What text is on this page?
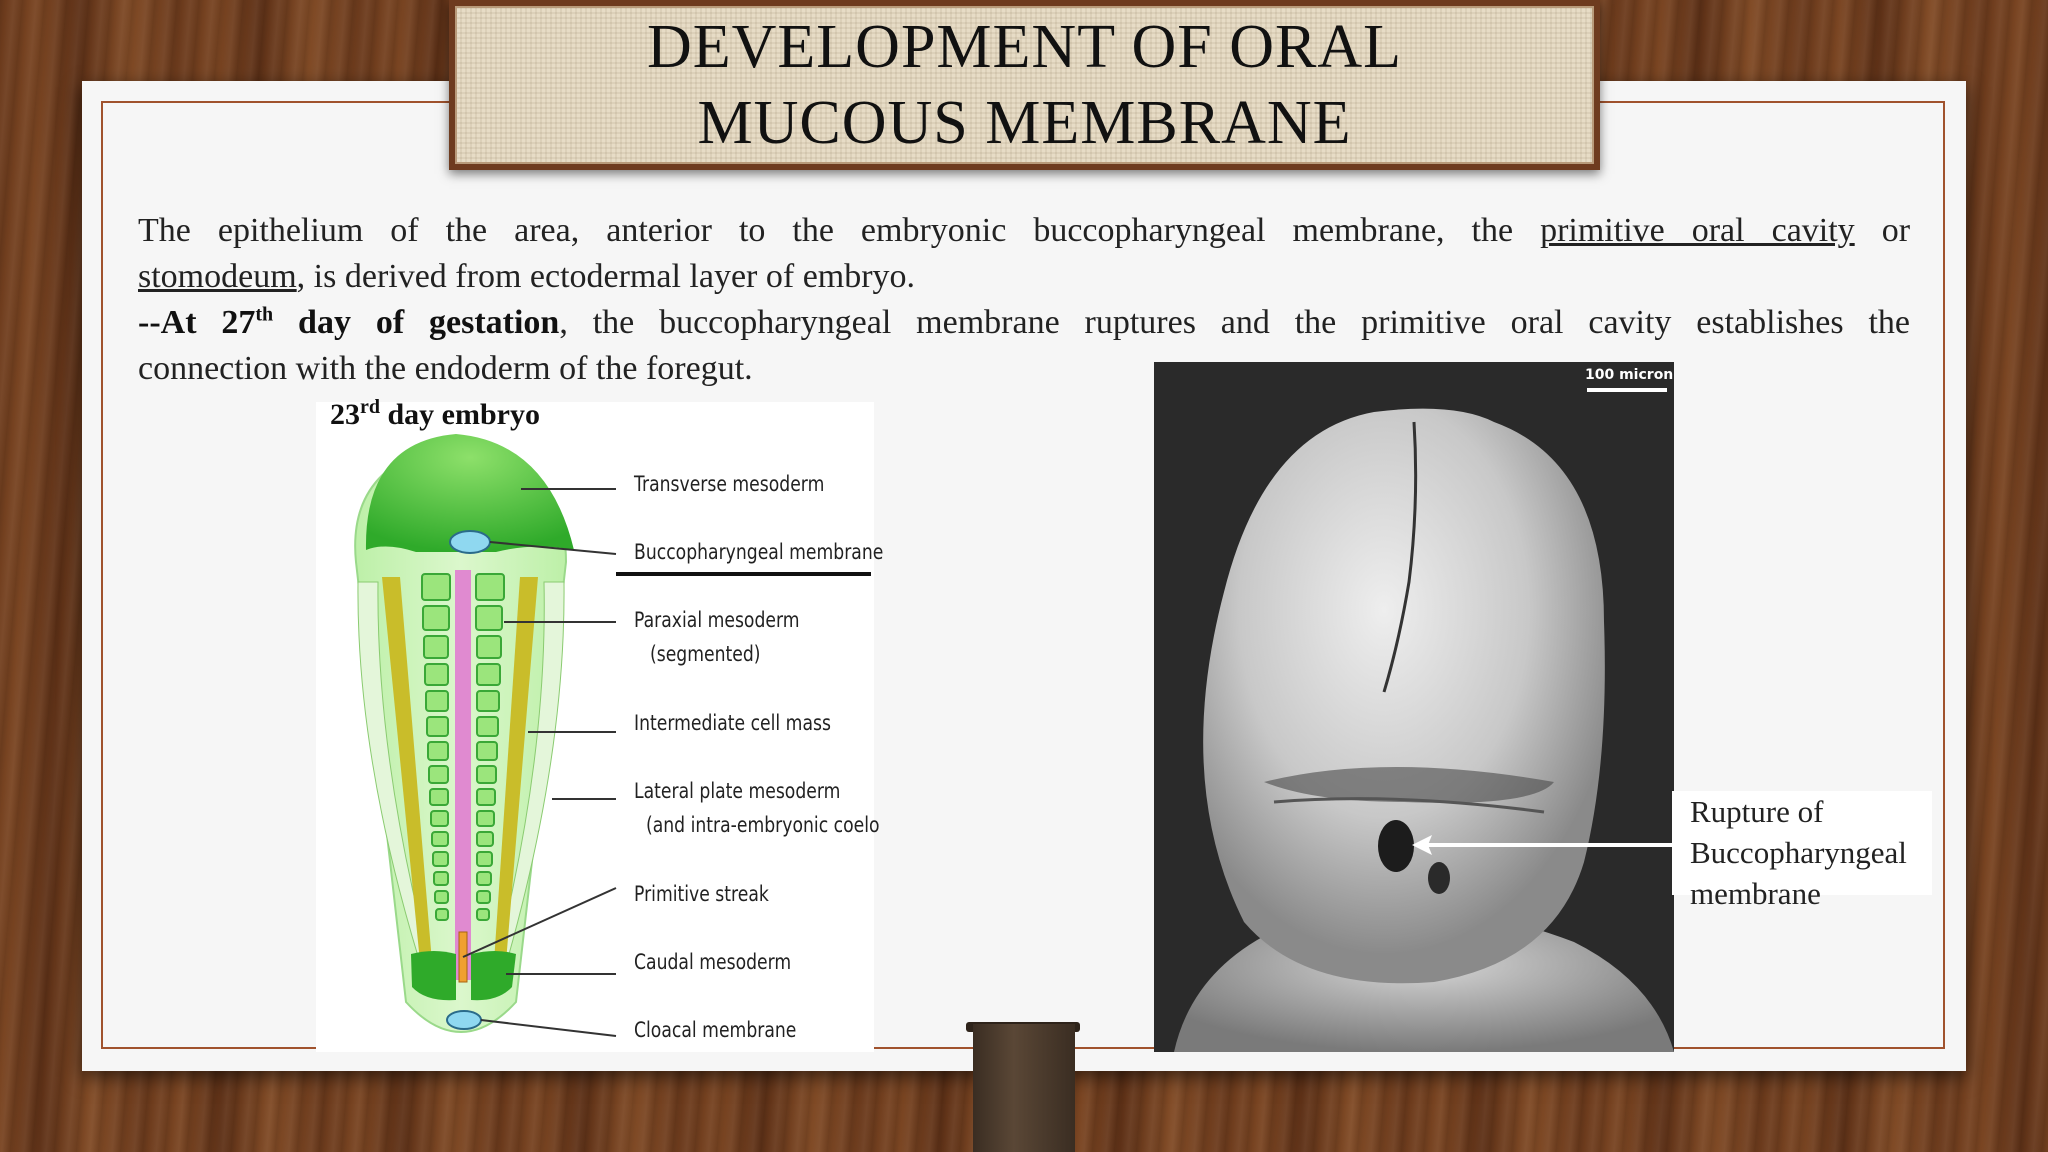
DEVELOPMENT OF ORAL
MUCOUS MEMBRANE
The epithelium of the area, anterior to the embryonic buccopharyngeal membrane, the primitive oral cavity or
stomodeum, is derived from ectodermal layer of embryo.
--At 27th day of gestation, the buccopharyngeal membrane ruptures and the primitive oral cavity establishes the
connection with the endoderm of the foregut.
23rd day embryo
Transverse mesoderm
Buccopharyngeal membrane
Paraxial mesoderm
(segmented)
Intermediate cell mass
Lateral plate mesoderm
(and intra-embryonic coelo
Primitive streak
Caudal mesoderm
Cloacal membrane
100 micron
Rupture of
Buccopharyngeal
membrane
